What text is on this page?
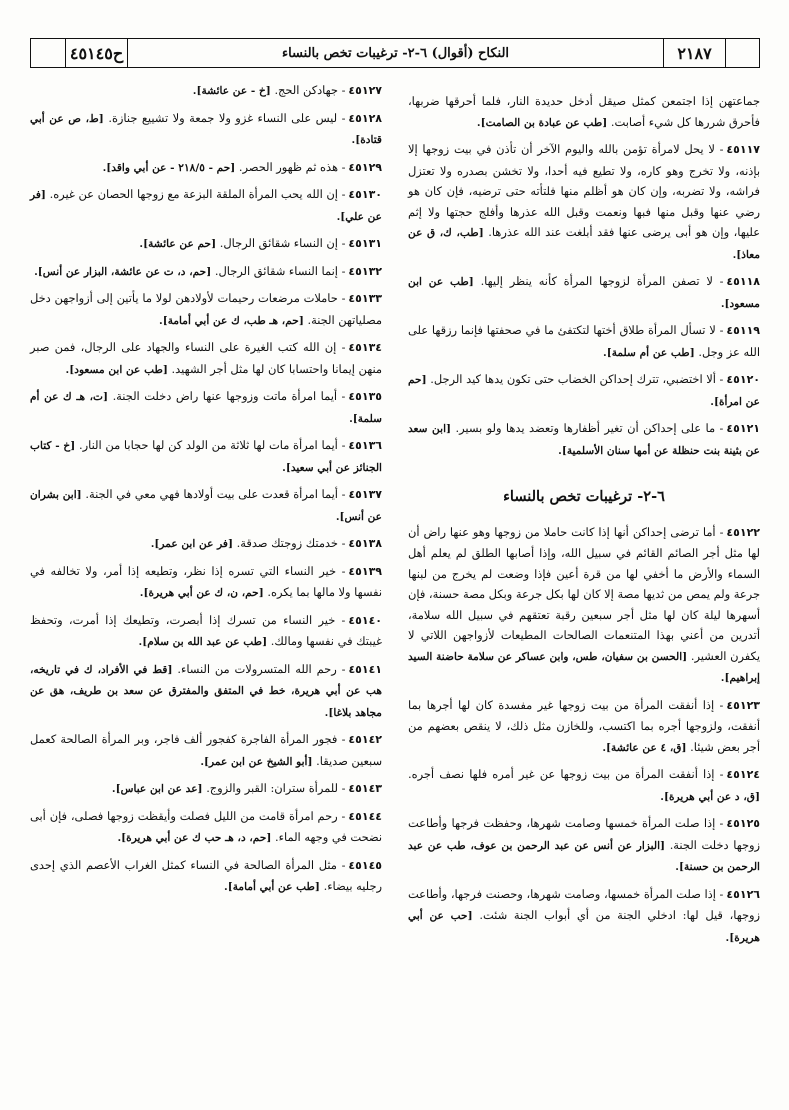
٢١٨٧
النكاح (أقوال) ٦-٢- ترغيبات تخص بالنساء
ح٤٥١٤٥

جماعتهن إذا اجتمعن كمثل صيقل أدخل حديدة النار، فلما أحرقها ضربها، فأحرق شررها كل شيء أصابت. [طب عن عبادة بن الصامت].

٤٥١١٧- لا يحل لامرأة تؤمن بالله واليوم الآخر أن تأذن في بيت زوجها إلا بإذنه، ولا تخرج وهو كاره، ولا تطيع فيه أحدا، ولا تخشن بصدره ولا تعتزل فراشه، ولا تضربه، وإن كان هو أظلم منها فلتأته حتى ترضيه، فإن كان هو رضي عنها وقبل منها فبها ونعمت وقبل الله عذرها وأفلج حجتها ولا إثم عليها، وإن هو أبى يرضى عنها فقد أبلغت عند الله عذرها. [طب، ك، ق عن معاذ].

٤٥١١٨- لا تصفن المرأة لزوجها المرأة كأنه ينظر إليها. [طب عن ابن مسعود].

٤٥١١٩- لا تسأل المرأة طلاق أختها لتكتفئ ما في صحفتها فإنما رزقها على الله عز وجل. [طب عن أم سلمة].

٤٥١٢٠- ألا اختضبي، تترك إحداكن الخضاب حتى تكون يدها كيد الرجل. [حم عن امرأة].

٤٥١٢١- ما على إحداكن أن تغير أظفارها وتعضد يدها ولو بسير. [ابن سعد عن بثينة بنت حنظلة عن أمها سنان الأسلمية].

٦-٢- ترغيبات تخص بالنساء

٤٥١٢٢- أما ترضى إحداكن أنها إذا كانت حاملا من زوجها وهو عنها راض أن لها مثل أجر الصائم القائم في سبيل الله، وإذا أصابها الطلق لم يعلم أهل السماء والأرض ما أخفي لها من قرة أعين فإذا وضعت لم يخرج من لبنها جرعة ولم يمص من ثديها مصة إلا كان لها بكل جرعة وبكل مصة حسنة، فإن أسهرها ليلة كان لها مثل أجر سبعين رقبة تعتقهم في سبيل الله سلامة، أتدرين من أعني بهذا المتنعمات الصالحات المطيعات لأزواجهن اللاتي لا يكفرن العشير. [الحسن بن سفيان، طس، وابن عساكر عن سلامة حاضنة السيد إبراهيم].

٤٥١٢٣- إذا أنفقت المرأة من بيت زوجها غير مفسدة كان لها أجرها بما أنفقت، ولزوجها أجره بما اكتسب، وللخازن مثل ذلك، لا ينقص بعضهم من أجر بعض شيئا. [ق، ٤ عن عائشة].

٤٥١٢٤- إذا أنفقت المرأة من بيت زوجها عن غير أمره فلها نصف أجره. [ق، د عن أبي هريرة].

٤٥١٢٥- إذا صلت المرأة خمسها وصامت شهرها، وحفظت فرجها وأطاعت زوجها دخلت الجنة. [البزار عن أنس عن عبد الرحمن بن عوف، طب عن عبد الرحمن بن حسنة].

٤٥١٢٦- إذا صلت المرأة خمسها، وصامت شهرها، وحصنت فرجها، وأطاعت زوجها، قيل لها: ادخلي الجنة من أي أبواب الجنة شئت. [حب عن أبي هريرة].

٤٥١٢٧- جهادكن الحج. [خ - عن عائشة].

٤٥١٢٨- ليس على النساء غزو ولا جمعة ولا تشييع جنازة. [ط، ص عن أبي قتادة].

٤٥١٢٩- هذه ثم ظهور الحصر. [حم - ٢١٨/٥ - عن أبي واقد].

٤٥١٣٠- إن الله يحب المرأة الملقة البزعة مع زوجها الحصان عن غيره. [فر عن علي].

٤٥١٣١- إن النساء شقائق الرجال. [حم عن عائشة].

٤٥١٣٢- إنما النساء شقائق الرجال. [حم، د، ت عن عائشة، البزار عن أنس].

٤٥١٣٣- حاملات مرضعات رحيمات لأولادهن لولا ما يأتين إلى أزواجهن دخل مصلياتهن الجنة. [حم، هـ طب، ك عن أبي أمامة].

٤٥١٣٤- إن الله كتب الغيرة على النساء والجهاد على الرجال، فمن صبر منهن إيمانا واحتسابا كان لها مثل أجر الشهيد. [طب عن ابن مسعود].

٤٥١٣٥- أيما امرأة ماتت وزوجها عنها راض دخلت الجنة. [ت، هـ ك عن أم سلمة].

٤٥١٣٦- أيما امرأة مات لها ثلاثة من الولد كن لها حجابا من النار. [خ - كتاب الجنائز عن أبي سعيد].

٤٥١٣٧- أيما امرأة قعدت على بيت أولادها فهي معي في الجنة. [ابن بشران عن أنس].

٤٥١٣٨- خدمتك زوجتك صدقة. [فر عن ابن عمر].

٤٥١٣٩- خير النساء التي تسره إذا نظر، وتطيعه إذا أمر، ولا تخالفه في نفسها ولا مالها بما يكره. [حم، ن، ك عن أبي هريرة].

٤٥١٤٠- خير النساء من تسرك إذا أبصرت، وتطيعك إذا أمرت، وتحفظ غيبتك في نفسها ومالك. [طب عن عبد الله بن سلام].

٤٥١٤١- رحم الله المتسرولات من النساء. [قط في الأفراد، ك في تاريخه، هب عن أبي هريرة، خط في المتفق والمفترق عن سعد بن طريف، هق عن مجاهد بلاغا].

٤٥١٤٢- فجور المرأة الفاجرة كفجور ألف فاجر، وبر المرأة الصالحة كعمل سبعين صديقا. [أبو الشيخ عن ابن عمر].

٤٥١٤٣- للمرأة ستران: القبر والزوج. [عد عن ابن عباس].

٤٥١٤٤- رحم امرأة قامت من الليل فصلت وأيقظت زوجها فصلى، فإن أبى نضحت في وجهه الماء. [حم، د، هـ حب ك عن أبي هريرة].

٤٥١٤٥- مثل المرأة الصالحة في النساء كمثل الغراب الأعصم الذي إحدى رجليه بيضاء. [طب عن أبي أمامة].
